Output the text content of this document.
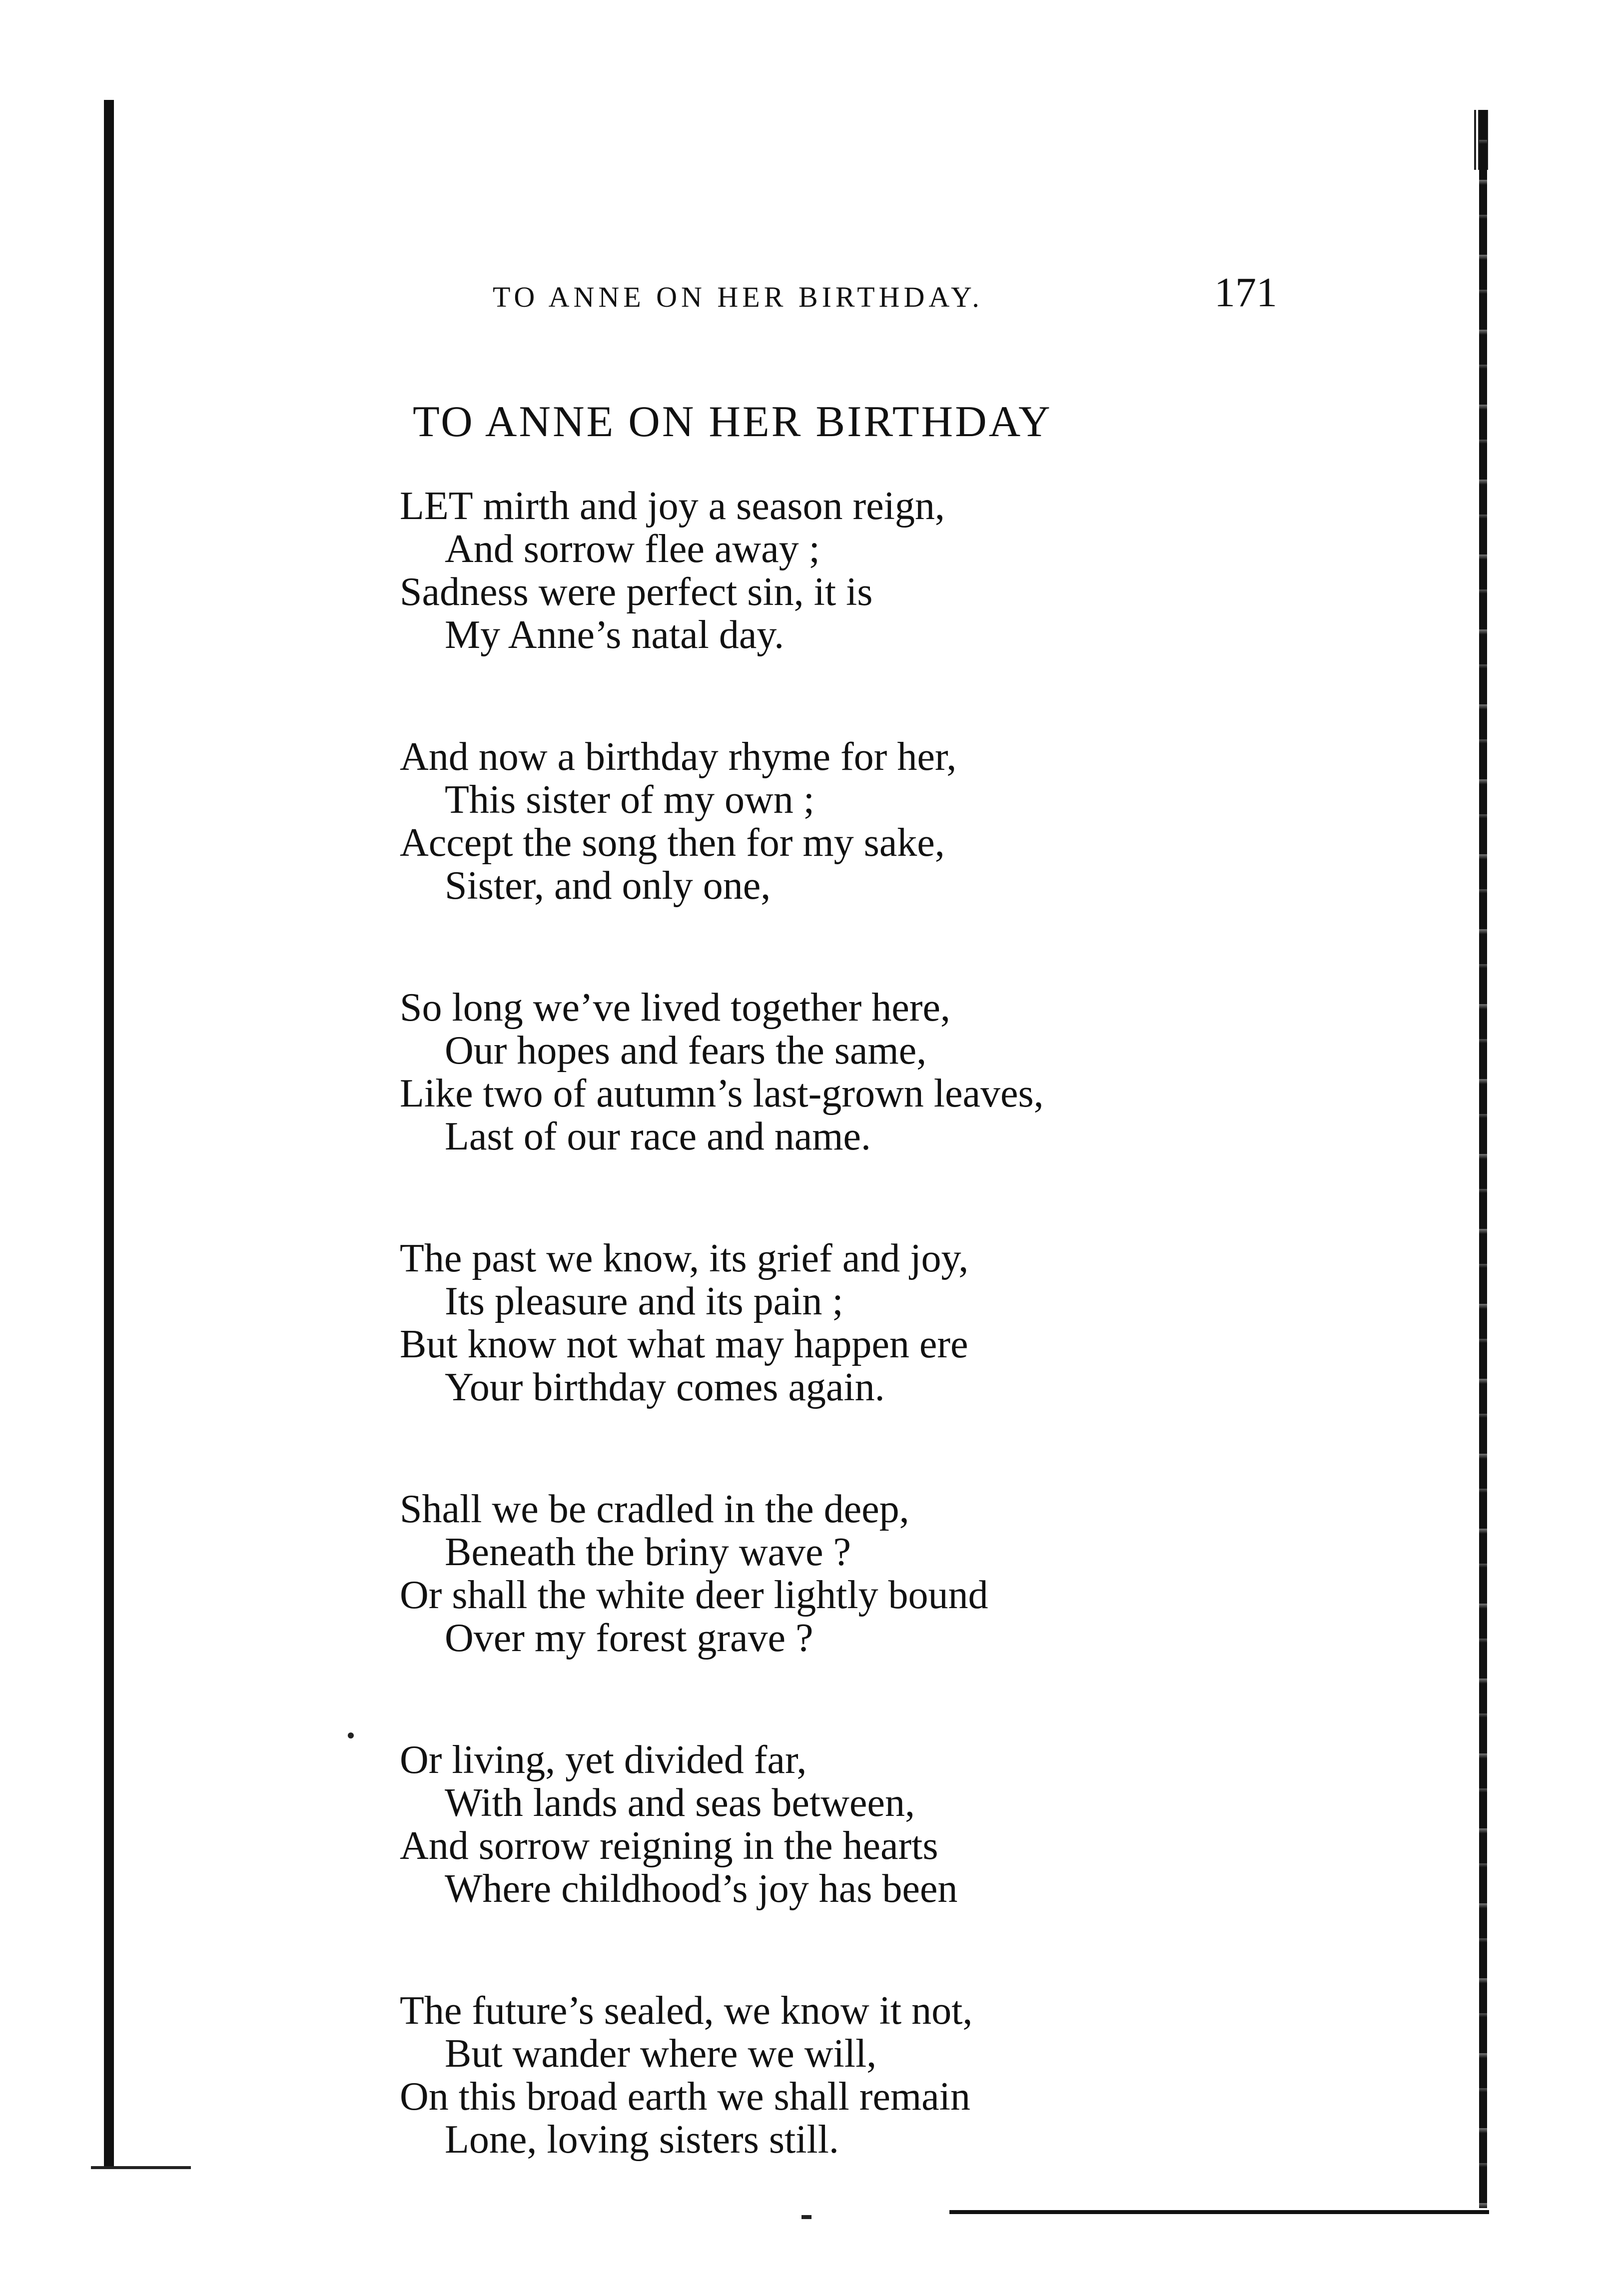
TO ANNE ON HER BIRTHDAY.	171
TO ANNE ON HER BIRTHDAY
LET mirth and joy a season reign,
And sorrow flee away ;
Sadness were perfect sin, it is
My Anne’s natal day.
And now a birthday rhyme for her,
This sister of my own ;
Accept the song then for my sake,
Sister, and only one,
So long we’ve lived together here,
Our hopes and fears the same,
Like two of autumn’s last-grown leaves,
Last of our race and name.
The past we know, its grief and joy,
Its pleasure and its pain ;
But know not what may happen ere
Your birthday comes again.
Shall we be cradled in the deep,
Beneath the briny wave ?
Or shall the white deer lightly bound
Over my forest grave ?
Or living, yet divided far,
With lands and seas between,
And sorrow reigning in the hearts
Where childhood’s joy has been
The future’s sealed, we know it not,
But wander where we will,
On this broad earth we shall remain
Lone, loving sisters still.
